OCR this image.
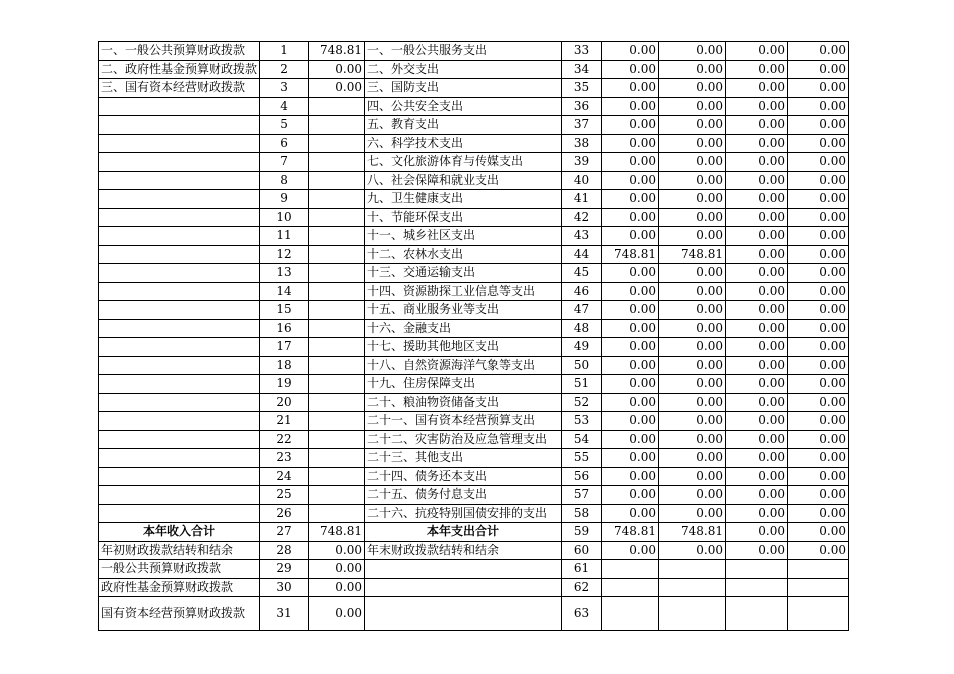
一、一般公共预算财政拨款	1	748.81	一、一般公共服务支出	33	0.00	0.00	0.00	0.00
二、政府性基金预算财政拨款	2	0.00	二、外交支出	34	0.00	0.00	0.00	0.00
三、国有资本经营财政拨款	3	0.00	三、国防支出	35	0.00	0.00	0.00	0.00
	4		四、公共安全支出	36	0.00	0.00	0.00	0.00
	5		五、教育支出	37	0.00	0.00	0.00	0.00
	6		六、科学技术支出	38	0.00	0.00	0.00	0.00
	7		七、文化旅游体育与传媒支出	39	0.00	0.00	0.00	0.00
	8		八、社会保障和就业支出	40	0.00	0.00	0.00	0.00
	9		九、卫生健康支出	41	0.00	0.00	0.00	0.00
	10		十、节能环保支出	42	0.00	0.00	0.00	0.00
	11		十一、城乡社区支出	43	0.00	0.00	0.00	0.00
	12		十二、农林水支出	44	748.81	748.81	0.00	0.00
	13		十三、交通运输支出	45	0.00	0.00	0.00	0.00
	14		十四、资源勘探工业信息等支出	46	0.00	0.00	0.00	0.00
	15		十五、商业服务业等支出	47	0.00	0.00	0.00	0.00
	16		十六、金融支出	48	0.00	0.00	0.00	0.00
	17		十七、援助其他地区支出	49	0.00	0.00	0.00	0.00
	18		十八、自然资源海洋气象等支出	50	0.00	0.00	0.00	0.00
	19		十九、住房保障支出	51	0.00	0.00	0.00	0.00
	20		二十、粮油物资储备支出	52	0.00	0.00	0.00	0.00
	21		二十一、国有资本经营预算支出	53	0.00	0.00	0.00	0.00
	22		二十二、灾害防治及应急管理支出	54	0.00	0.00	0.00	0.00
	23		二十三、其他支出	55	0.00	0.00	0.00	0.00
	24		二十四、债务还本支出	56	0.00	0.00	0.00	0.00
	25		二十五、债务付息支出	57	0.00	0.00	0.00	0.00
	26		二十六、抗疫特别国债安排的支出	58	0.00	0.00	0.00	0.00
本年收入合计	27	748.81	本年支出合计	59	748.81	748.81	0.00	0.00
年初财政拨款结转和结余	28	0.00	年末财政拨款结转和结余	60	0.00	0.00	0.00	0.00
一般公共预算财政拨款	29	0.00		61				
政府性基金预算财政拨款	30	0.00		62				
国有资本经营预算财政拨款	31	0.00		63				
